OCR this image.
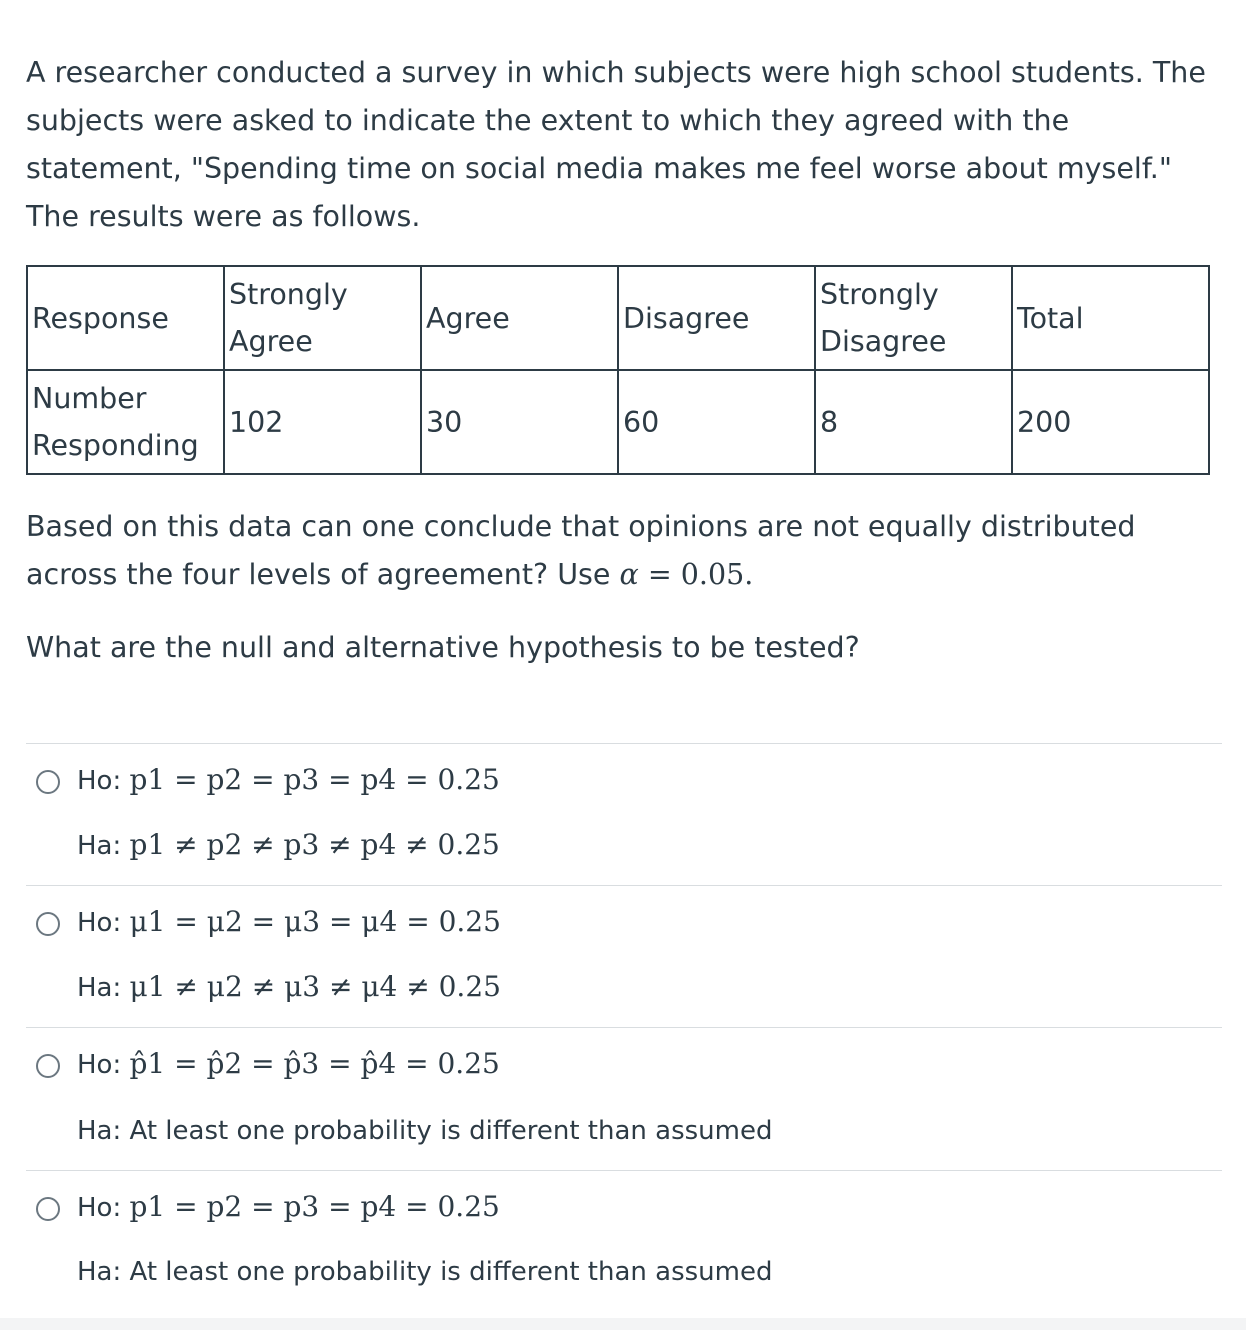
A researcher conducted a survey in which subjects were high school students. The subjects were asked to indicate the extent to which they agreed with the statement, "Spending time on social media makes me feel worse about myself." The results were as follows.

Response	Strongly Agree	Agree	Disagree	Strongly Disagree	Total
Number Responding	102	30	60	8	200

Based on this data can one conclude that opinions are not equally distributed across the four levels of agreement? Use α = 0.05.

What are the null and alternative hypothesis to be tested?

Ho: p1 = p2 = p3 = p4 = 0.25
Ha: p1 ≠ p2 ≠ p3 ≠ p4 ≠ 0.25
Ho: μ1 = μ2 = μ3 = μ4 = 0.25
Ha: μ1 ≠ μ2 ≠ μ3 ≠ μ4 ≠ 0.25
Ho: p̂1 = p̂2 = p̂3 = p̂4 = 0.25
Ha: At least one probability is different than assumed
Ho: p1 = p2 = p3 = p4 = 0.25
Ha: At least one probability is different than assumed
